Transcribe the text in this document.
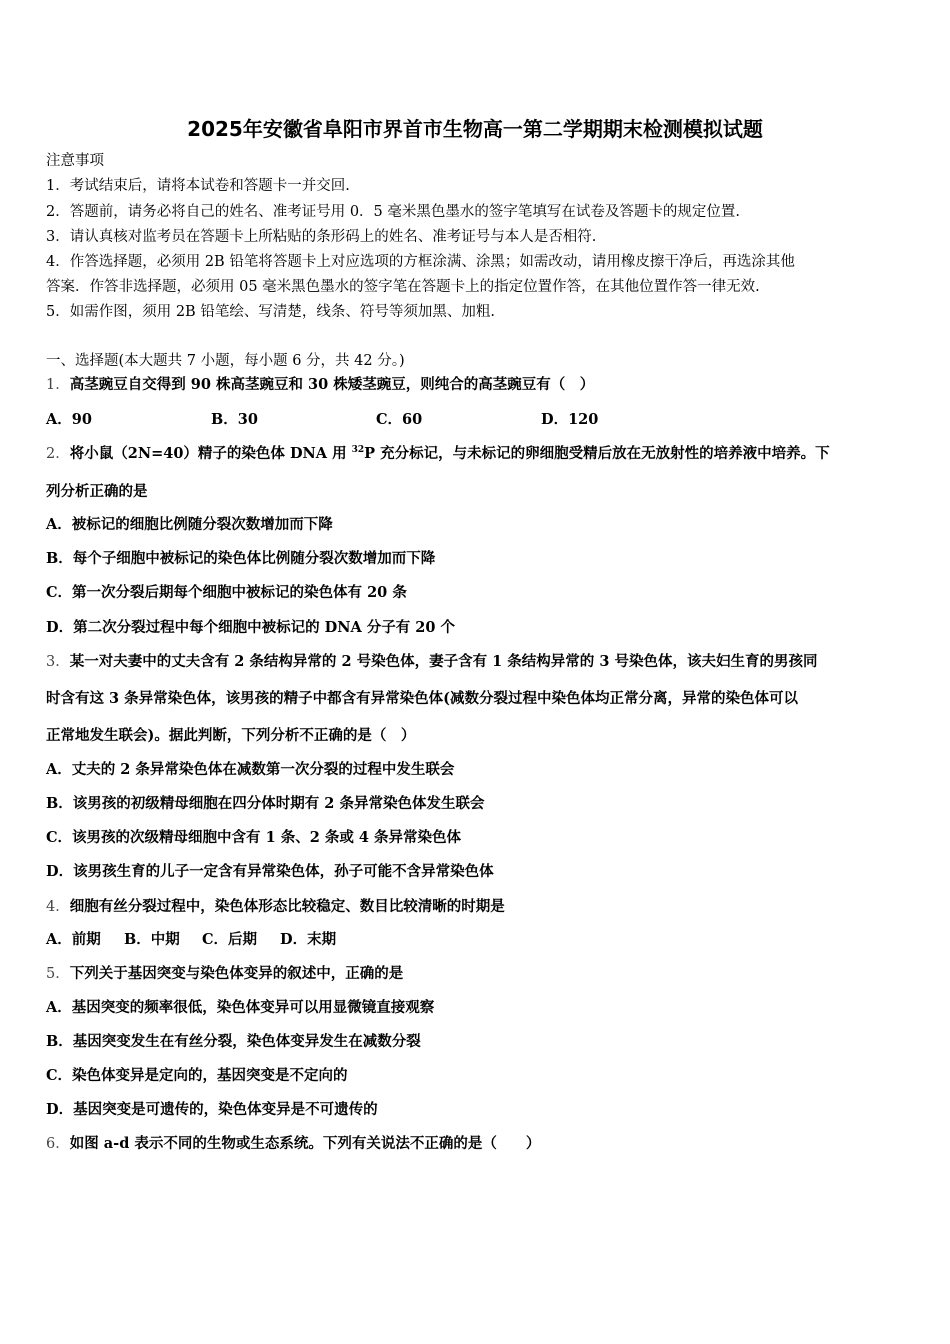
2025年安徽省阜阳市界首市生物高一第二学期期末检测模拟试题
注意事项
1．考试结束后，请将本试卷和答题卡一并交回.
2．答题前，请务必将自己的姓名、准考证号用 0．5 毫米黑色墨水的签字笔填写在试卷及答题卡的规定位置.
3．请认真核对监考员在答题卡上所粘贴的条形码上的姓名、准考证号与本人是否相符.
4．作答选择题，必须用 2B 铅笔将答题卡上对应选项的方框涂满、涂黑；如需改动，请用橡皮擦干净后，再选涂其他
答案．作答非选择题，必须用 05 毫米黑色墨水的签字笔在答题卡上的指定位置作答，在其他位置作答一律无效.
5．如需作图，须用 2B 铅笔绘、写清楚，线条、符号等须加黑、加粗.
一、选择题(本大题共 7 小题，每小题 6 分，共 42 分。)
1．高茎豌豆自交得到 90 株高茎豌豆和 30 株矮茎豌豆，则纯合的高茎豌豆有（　）
A．90	B．30	C．60	D．120
2．将小鼠（2N=40）精子的染色体 DNA 用 $^{32}$P 充分标记，与未标记的卵细胞受精后放在无放射性的培养液中培养。下
列分析正确的是
A．被标记的细胞比例随分裂次数增加而下降
B．每个子细胞中被标记的染色体比例随分裂次数增加而下降
C．第一次分裂后期每个细胞中被标记的染色体有 20 条
D．第二次分裂过程中每个细胞中被标记的 DNA 分子有 20 个
3．某一对夫妻中的丈夫含有 2 条结构异常的 2 号染色体，妻子含有 1 条结构异常的 3 号染色体，该夫妇生育的男孩同
时含有这 3 条异常染色体，该男孩的精子中都含有异常染色体(减数分裂过程中染色体均正常分离，异常的染色体可以
正常地发生联会)。据此判断，下列分析不正确的是（　）
A．丈夫的 2 条异常染色体在减数第一次分裂的过程中发生联会
B．该男孩的初级精母细胞在四分体时期有 2 条异常染色体发生联会
C．该男孩的次级精母细胞中含有 1 条、2 条或 4 条异常染色体
D．该男孩生育的儿子一定含有异常染色体，孙子可能不含异常染色体
4．细胞有丝分裂过程中，染色体形态比较稳定、数目比较清晰的时期是
A．前期 B．中期 C．后期 D．末期
5．下列关于基因突变与染色体变异的叙述中，正确的是
A．基因突变的频率很低，染色体变异可以用显微镜直接观察
B．基因突变发生在有丝分裂，染色体变异发生在减数分裂
C．染色体变异是定向的，基因突变是不定向的
D．基因突变是可遗传的，染色体变异是不可遗传的
6．如图 a-d 表示不同的生物或生态系统。下列有关说法不正确的是（　　）
